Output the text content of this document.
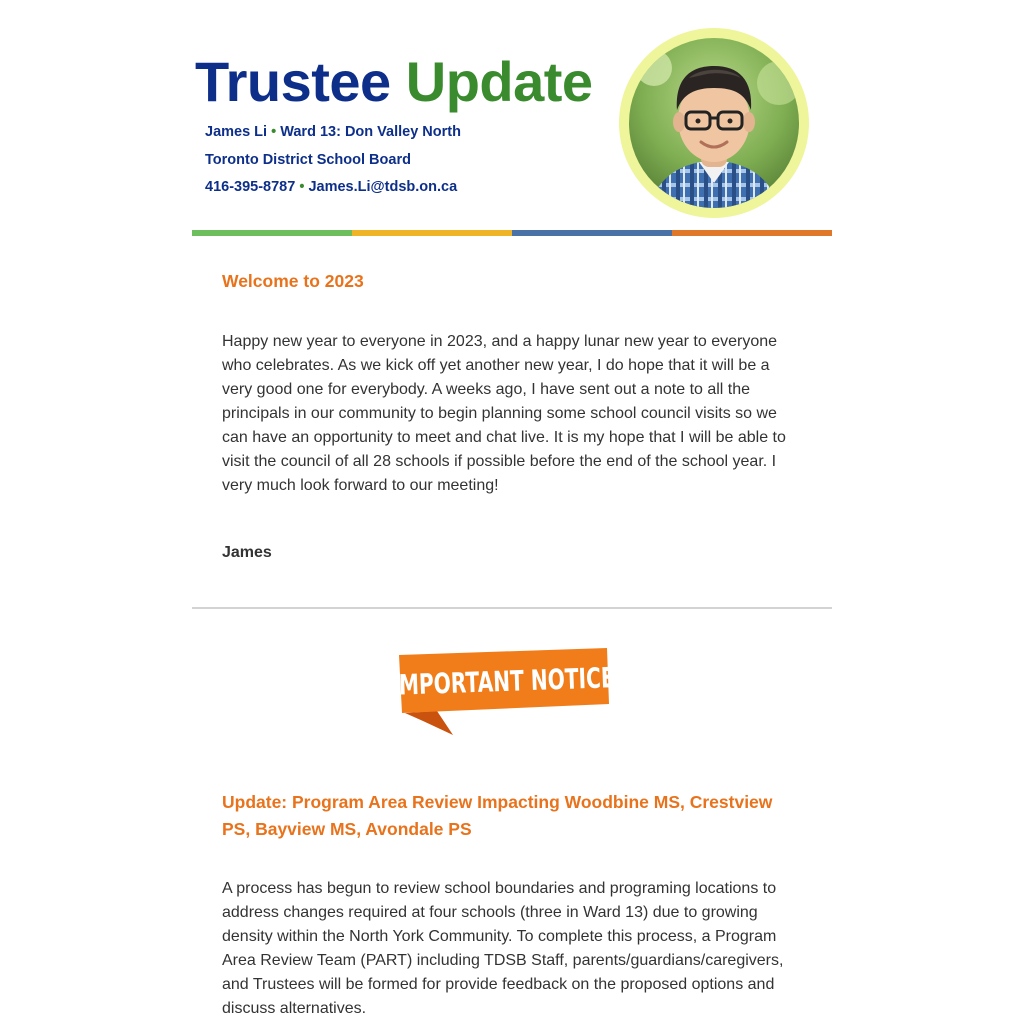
Trustee Update
James Li • Ward 13: Don Valley North
Toronto District School Board
416-395-8787 • James.Li@tdsb.on.ca
Welcome to 2023
Happy new year to everyone in 2023, and a happy lunar new year to everyone who celebrates. As we kick off yet another new year, I do hope that it will be a very good one for everybody. A weeks ago, I have sent out a note to all the principals in our community to begin planning some school council visits so we can have an opportunity to meet and chat live. It is my hope that I will be able to visit the council of all 28 schools if possible before the end of the school year. I very much look forward to our meeting!
James
IMPORTANT NOTICE
Update: Program Area Review Impacting Woodbine MS, Crestview PS, Bayview MS, Avondale PS
A process has begun to review school boundaries and programing locations to address changes required at four schools (three in Ward 13) due to growing density within the North York Community. To complete this process, a Program Area Review Team (PART) including TDSB Staff, parents/guardians/caregivers, and Trustees will be formed for provide feedback on the proposed options and discuss alternatives.
